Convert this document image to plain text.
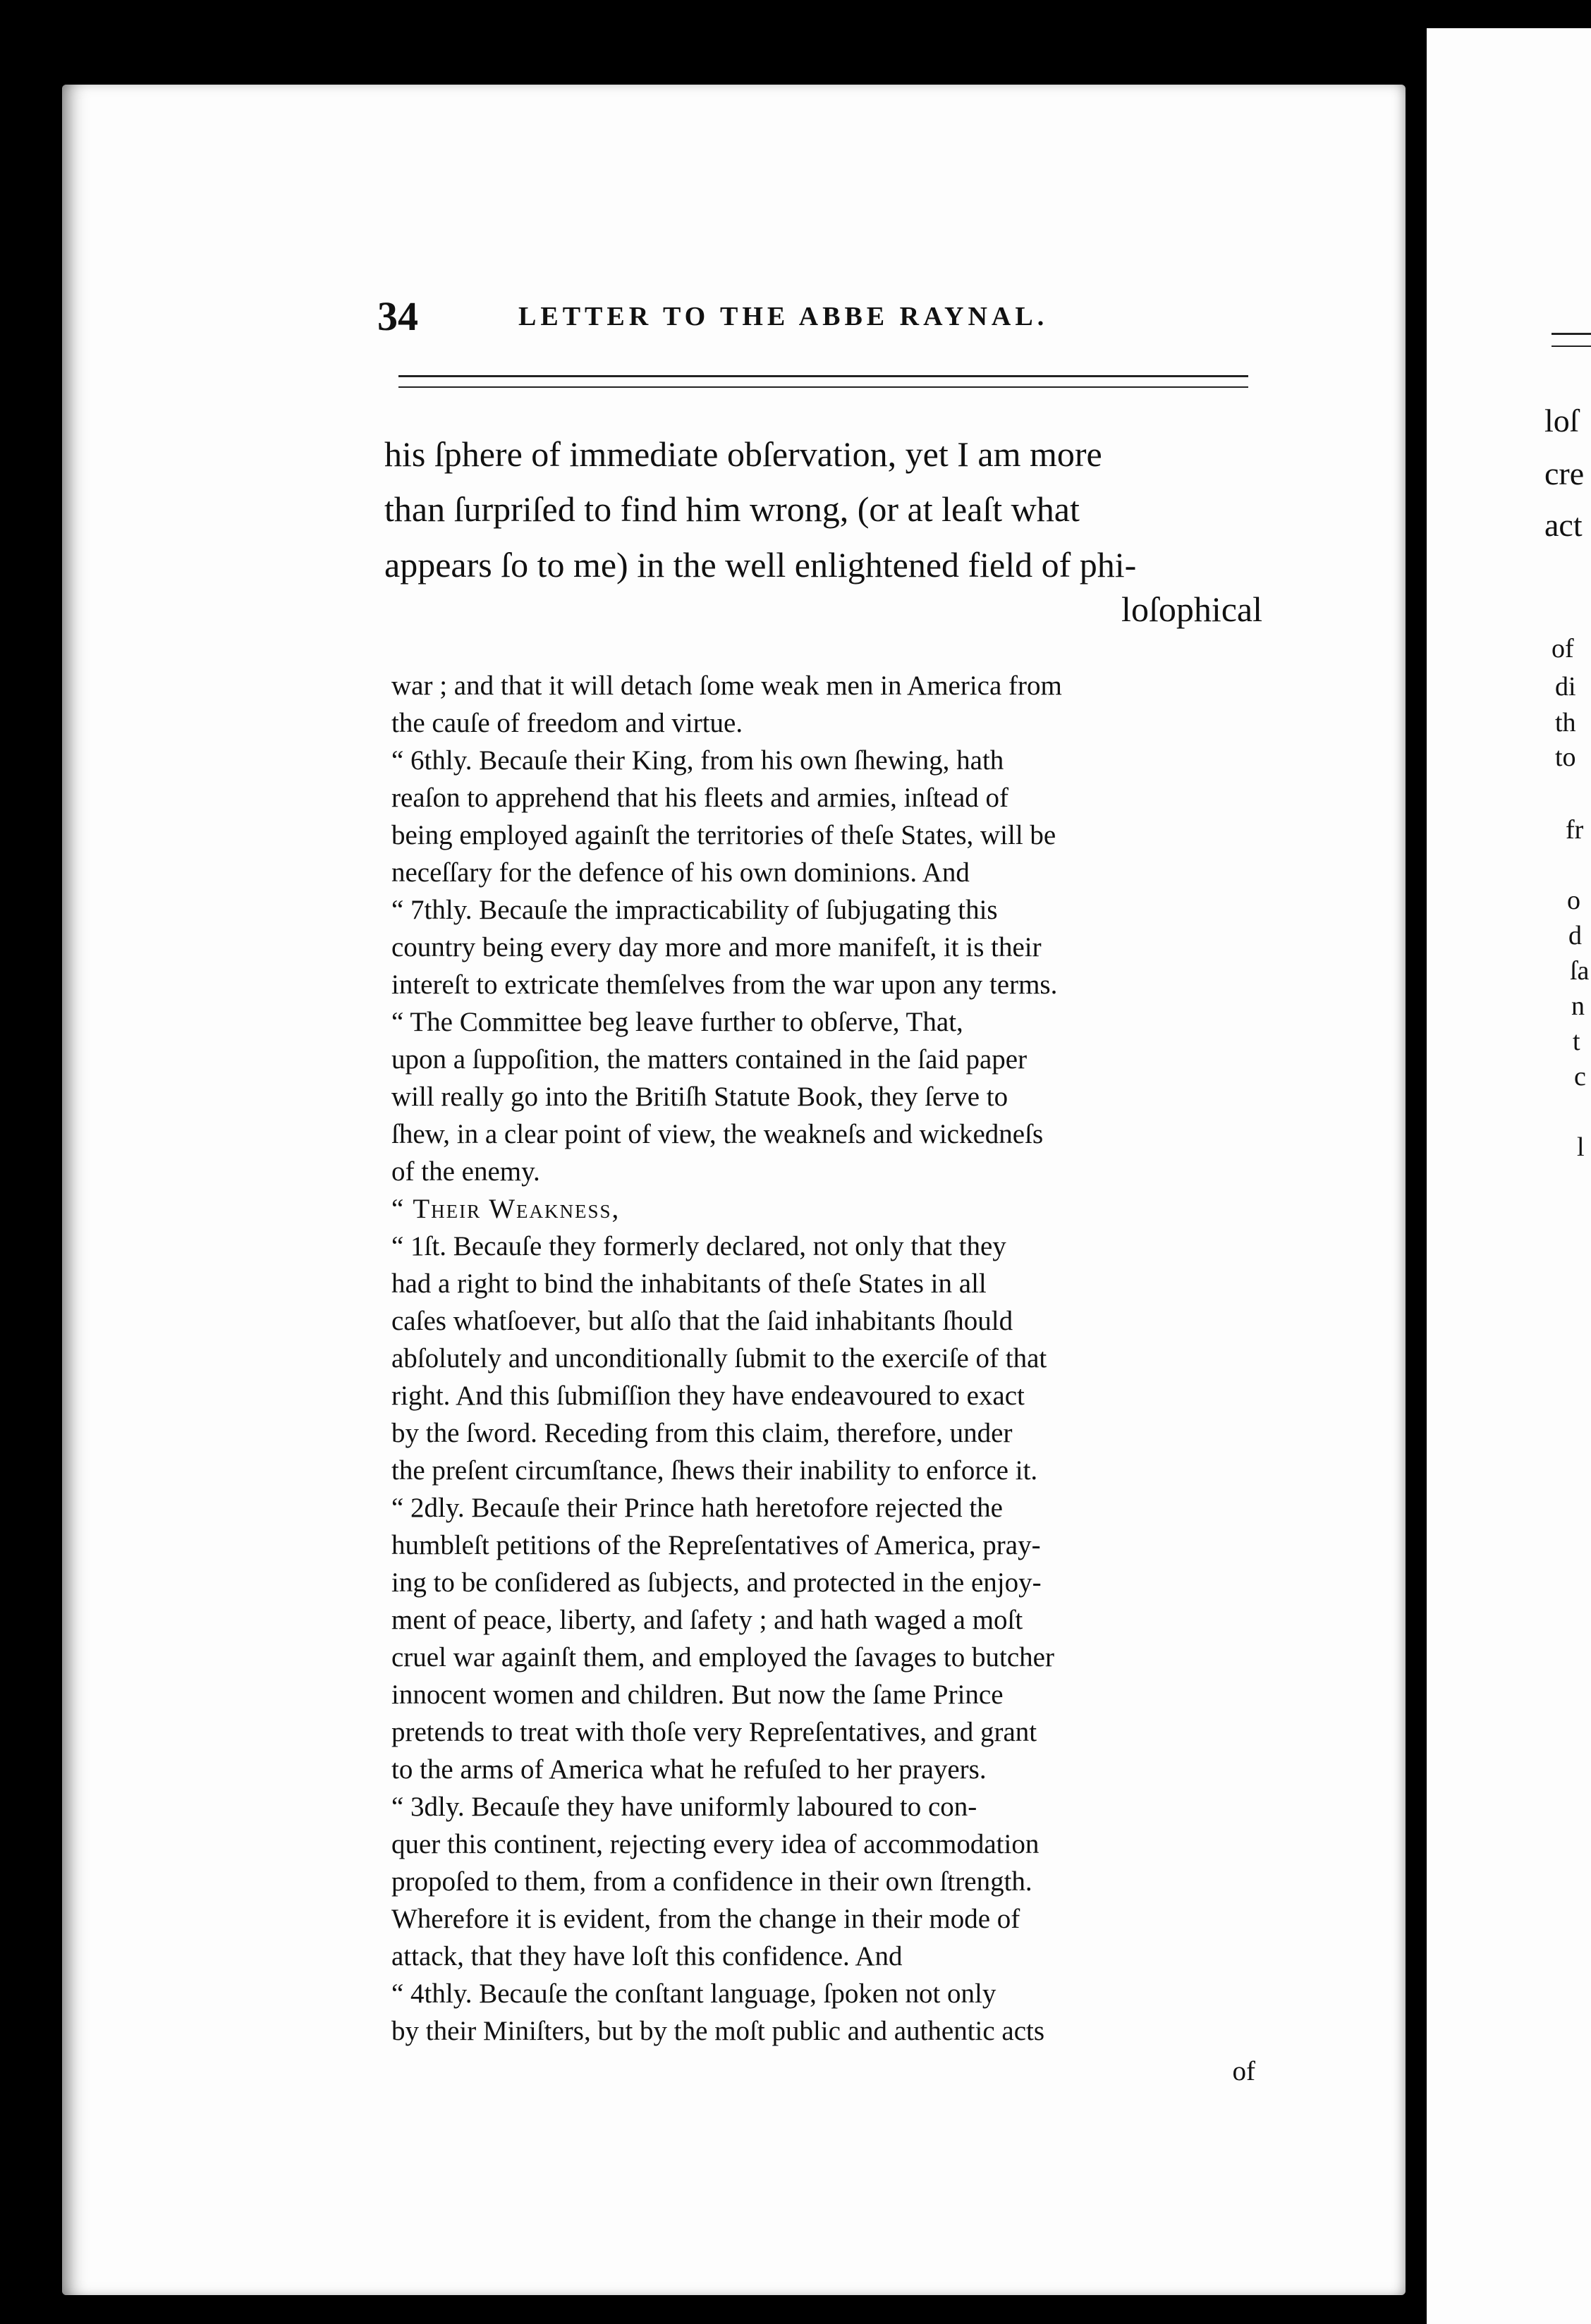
34	LETTER TO THE ABBE RAYNAL.
his ſphere of immediate obſervation, yet I am more
than ſurpriſed to find him wrong, (or at leaſt what
appears ſo to me) in the well enlightened field of phi-
loſophical
war ; and that it will detach ſome weak men in America from
the cauſe of freedom and virtue.
“ 6thly. Becauſe their King, from his own ſhewing, hath
reaſon to apprehend that his fleets and armies, inſtead of
being employed againſt the territories of theſe States, will be
neceſſary for the defence of his own dominions. And
“ 7thly. Becauſe the impracticability of ſubjugating this
country being every day more and more manifeſt, it is their
intereſt to extricate themſelves from the war upon any terms.
“ The Committee beg leave further to obſerve, That,
upon a ſuppoſition, the matters contained in the ſaid paper
will really go into the Britiſh Statute Book, they ſerve to
ſhew, in a clear point of view, the weakneſs and wickedneſs
of the enemy.
“ Their Weakness,
“ 1ſt. Becauſe they formerly declared, not only that they
had a right to bind the inhabitants of theſe States in all
caſes whatſoever, but alſo that the ſaid inhabitants ſhould
abſolutely and unconditionally ſubmit to the exerciſe of that
right. And this ſubmiſſion they have endeavoured to exact
by the ſword. Receding from this claim, therefore, under
the preſent circumſtance, ſhews their inability to enforce it.
“ 2dly. Becauſe their Prince hath heretofore rejected the
humbleſt petitions of the Repreſentatives of America, pray-
ing to be conſidered as ſubjects, and protected in the enjoy-
ment of peace, liberty, and ſafety ; and hath waged a moſt
cruel war againſt them, and employed the ſavages to butcher
innocent women and children. But now the ſame Prince
pretends to treat with thoſe very Repreſentatives, and grant
to the arms of America what he refuſed to her prayers.
“ 3dly. Becauſe they have uniformly laboured to con-
quer this continent, rejecting every idea of accommodation
propoſed to them, from a confidence in their own ſtrength.
Wherefore it is evident, from the change in their mode of
attack, that they have loſt this confidence. And
“ 4thly. Becauſe the conſtant language, ſpoken not only
by their Miniſters, but by the moſt public and authentic acts
of
loſ
cre
act
of
di
th
to
fr
o
d
ſa
n
t
c
l
